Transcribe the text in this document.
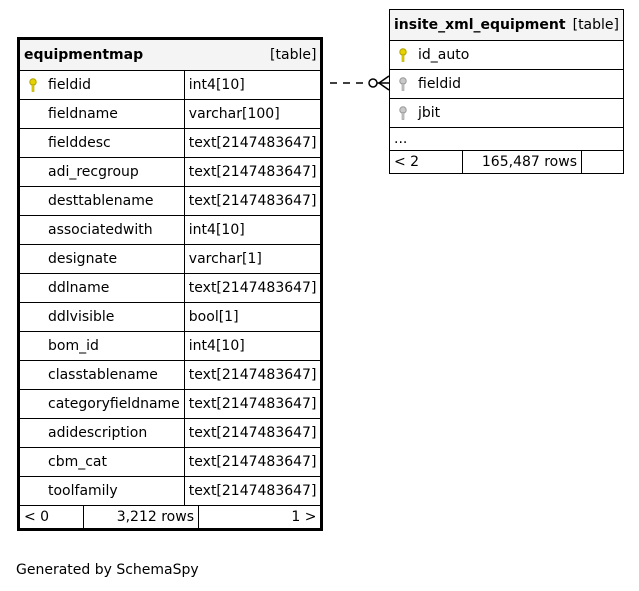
equipmentmap	[table]

fieldid	int4[10]
fieldname	varchar[100]
fielddesc	text[2147483647]
adi_recgroup	text[2147483647]
desttablename	text[2147483647]
associatedwith	int4[10]
designate	varchar[1]
ddlname	text[2147483647]
ddlvisible	bool[1]
bom_id	int4[10]
classtablename	text[2147483647]
categoryfieldname	text[2147483647]
adidescription	text[2147483647]
cbm_cat	text[2147483647]
toolfamily	text[2147483647]

< 0	3,212 rows	1 >
insite_xml_equipment [table]

id_auto
fieldid
jbit
...

< 2	165,487 rows	
Generated by SchemaSpy
